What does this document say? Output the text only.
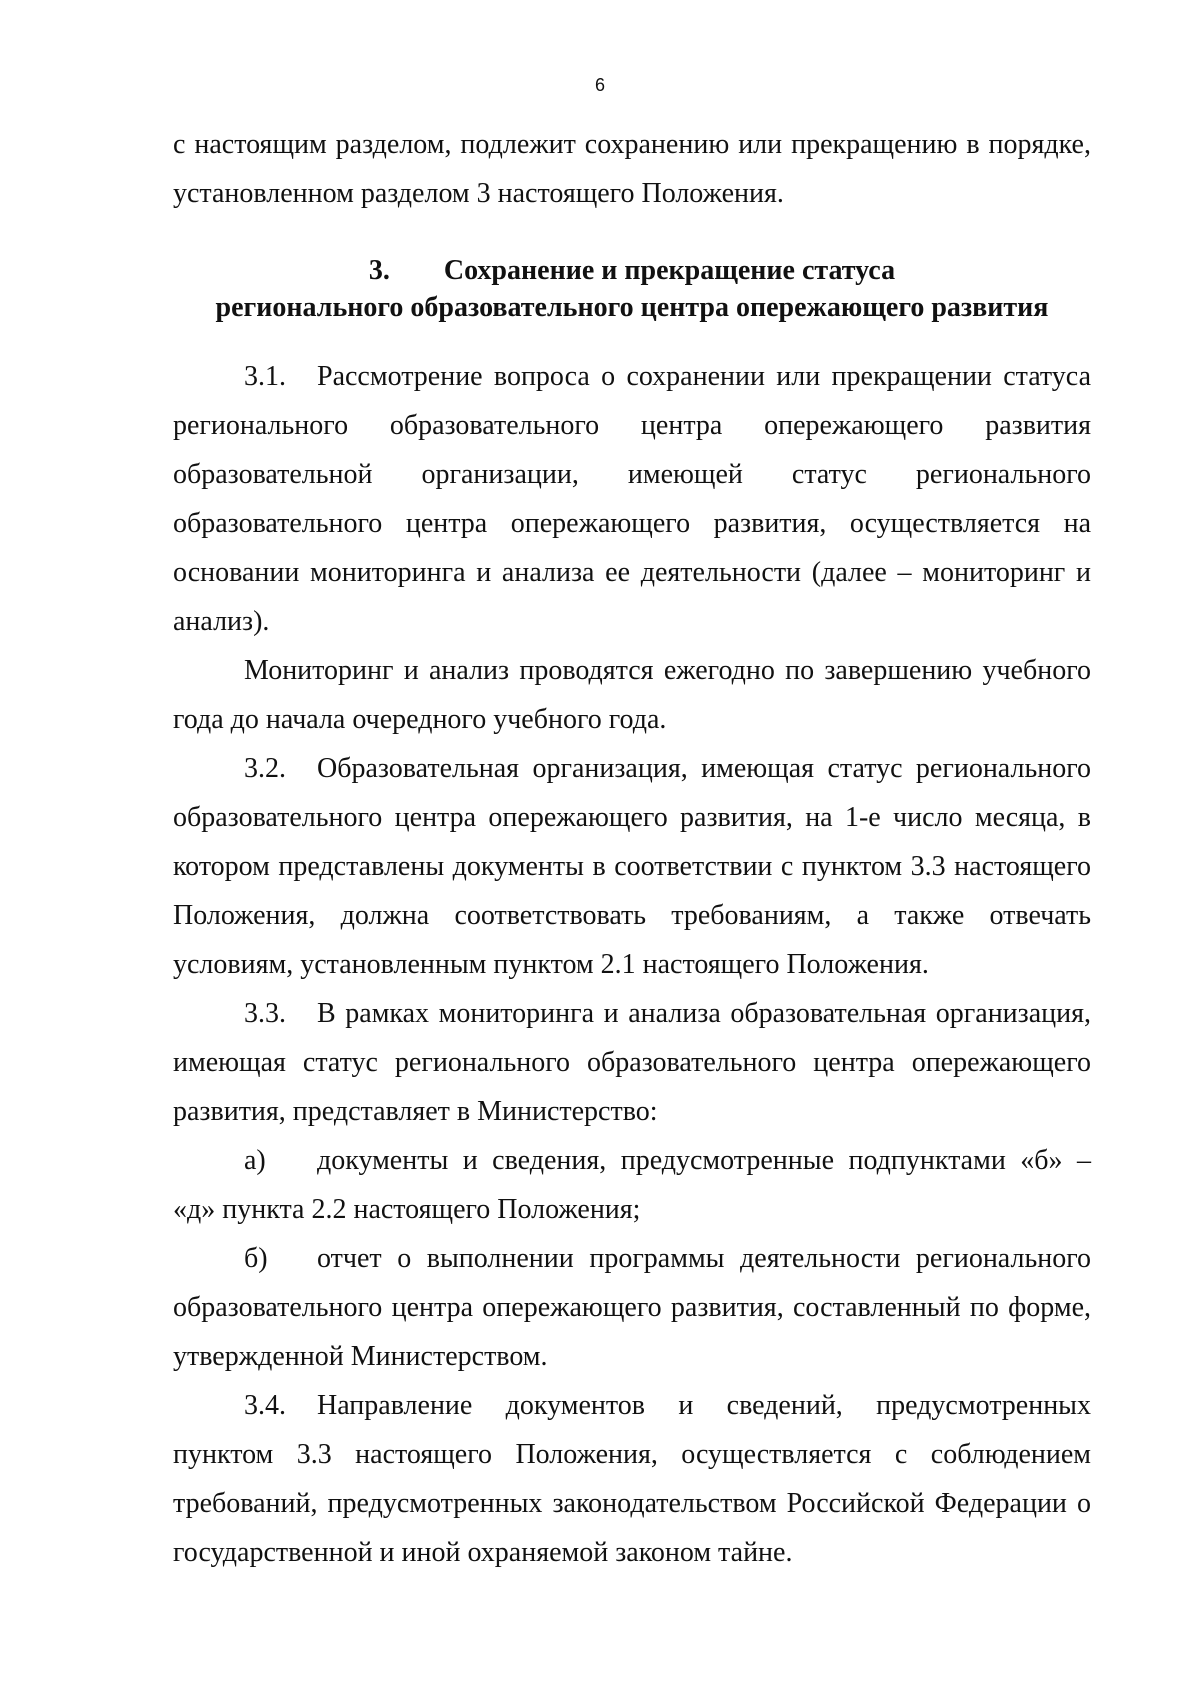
6

с настоящим разделом, подлежит сохранению или прекращению в порядке,

установленном разделом 3 настоящего Положения.

3. Сохранение и прекращение статуса
регионального образовательного центра опережающего развития

3.1. Рассмотрение вопроса о сохранении или прекращении статуса регионального образовательного центра опережающего развития образовательной организации, имеющей статус регионального образовательного центра опережающего развития, осуществляется на основании мониторинга и анализа ее деятельности (далее – мониторинг и анализ).

Мониторинг и анализ проводятся ежегодно по завершению учебного года до начала очередного учебного года.

3.2. Образовательная организация, имеющая статус регионального образовательного центра опережающего развития, на 1-е число месяца, в котором представлены документы в соответствии с пунктом 3.3 настоящего Положения, должна соответствовать требованиям, а также отвечать условиям, установленным пунктом 2.1 настоящего Положения.

3.3. В рамках мониторинга и анализа образовательная организация, имеющая статус регионального образовательного центра опережающего развития, представляет в Министерство:

а) документы и сведения, предусмотренные подпунктами «б» – «д» пункта 2.2 настоящего Положения;

б) отчет о выполнении программы деятельности регионального образовательного центра опережающего развития, составленный по форме, утвержденной Министерством.

3.4. Направление документов и сведений, предусмотренных пунктом 3.3 настоящего Положения, осуществляется с соблюдением требований, предусмотренных законодательством Российской Федерации о государственной и иной охраняемой законом тайне.
